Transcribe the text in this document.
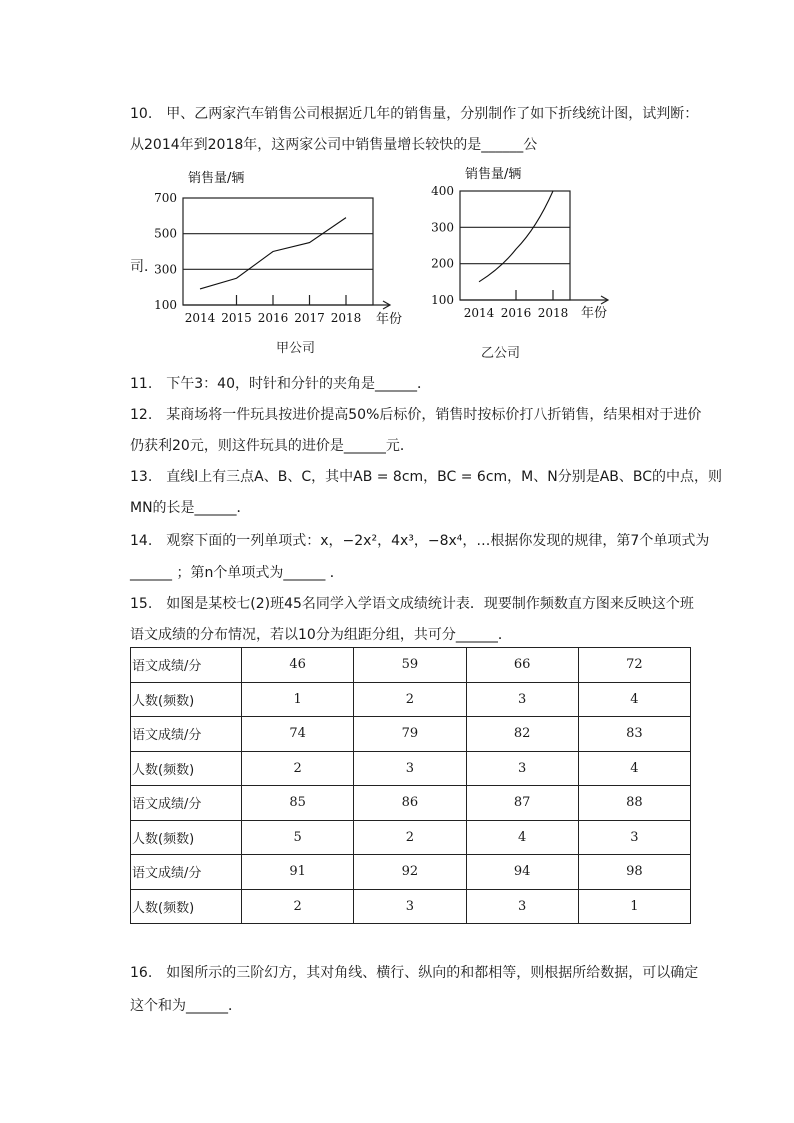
10.　甲、乙两家汽车销售公司根据近几年的销售量，分别制作了如下折线统计图，试判断：
从2014年到2018年，这两家公司中销售量增长较快的是______公
司．
销售量/辆
年份
100
300
500
700
2014 2015 2016 2017 2018
甲公司
销售量/辆
年份
100
200
300
400
2014 2016 2018
乙公司
11.　下午3：40，时针和分针的夹角是______．
12.　某商场将一件玩具按进价提高50%后标价，销售时按标价打八折销售，结果相对于进价
仍获利20元，则这件玩具的进价是______元．
13.　直线l上有三点A、B、C，其中AB = 8cm，BC = 6cm，M、N分别是AB、BC的中点，则
MN的长是______．
14.　观察下面的一列单项式：x，−2x²，4x³，−8x⁴，…根据你发现的规律，第7个单项式为
______ ；第n个单项式为______ ．
15.　如图是某校七(2)班45名同学入学语文成绩统计表．现要制作频数直方图来反映这个班
语文成绩的分布情况，若以10分为组距分组，共可分______．
语文成绩/分	46	59	66	72
人数(频数)	1	2	3	4
语文成绩/分	74	79	82	83
人数(频数)	2	3	3	4
语文成绩/分	85	86	87	88
人数(频数)	5	2	4	3
语文成绩/分	91	92	94	98
人数(频数)	2	3	3	1
16.　如图所示的三阶幻方，其对角线、横行、纵向的和都相等，则根据所给数据，可以确定
这个和为______．
